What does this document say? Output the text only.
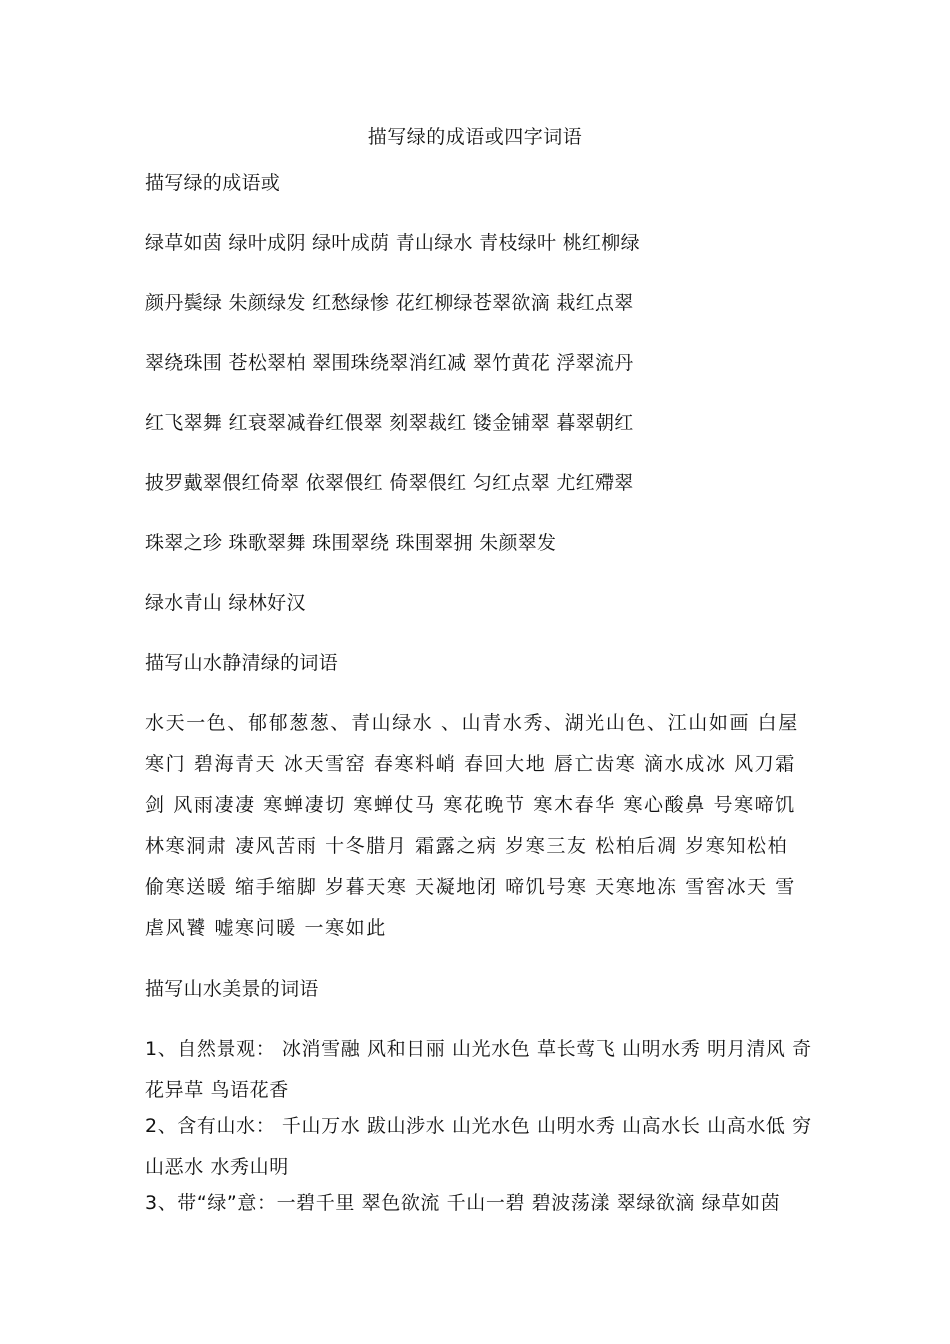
描写绿的成语或四字词语

描写绿的成语或

绿草如茵 绿叶成阴 绿叶成荫 青山绿水 青枝绿叶 桃红柳绿

颜丹鬓绿 朱颜绿发 红愁绿惨 花红柳绿苍翠欲滴 栽红点翠

翠绕珠围 苍松翠柏 翠围珠绕翠消红减 翠竹黄花 浮翠流丹

红飞翠舞 红衰翠减眷红偎翠 刻翠裁红 镂金铺翠 暮翠朝红

披罗戴翠偎红倚翠 依翠偎红 倚翠偎红 匀红点翠 尤红殢翠

珠翠之珍 珠歌翠舞 珠围翠绕 珠围翠拥 朱颜翠发

绿水青山 绿林好汉

描写山水静清绿的词语

水天一色、郁郁葱葱、青山绿水 、山青水秀、湖光山色、江山如画 白屋寒门 碧海青天 冰天雪窑 春寒料峭 春回大地 唇亡齿寒 滴水成冰 风刀霜剑 风雨凄凄 寒蝉凄切 寒蝉仗马 寒花晚节 寒木春华 寒心酸鼻 号寒啼饥 林寒洞肃 凄风苦雨 十冬腊月 霜露之病 岁寒三友 松柏后凋 岁寒知松柏 偷寒送暖 缩手缩脚 岁暮天寒 天凝地闭 啼饥号寒 天寒地冻 雪窖冰天 雪虐风饕 嘘寒问暖 一寒如此

描写山水美景的词语

1、自然景观： 冰消雪融 风和日丽 山光水色 草长莺飞 山明水秀 明月清风 奇花异草 鸟语花香

2、含有山水： 千山万水 跋山涉水 山光水色 山明水秀 山高水长 山高水低 穷山恶水 水秀山明

3、带“绿”意：一碧千里 翠色欲流 千山一碧 碧波荡漾 翠绿欲滴 绿草如茵
